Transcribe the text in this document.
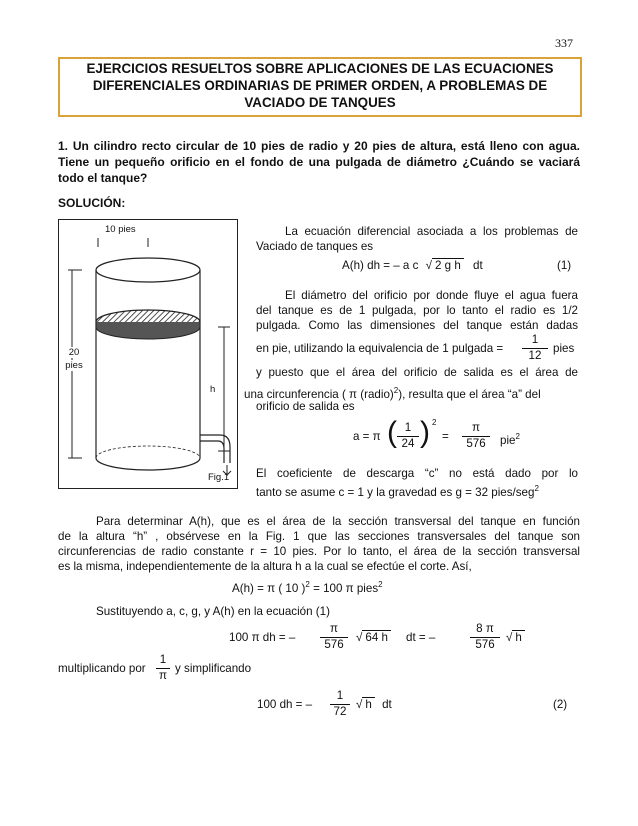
337
EJERCICIOS RESUELTOS SOBRE APLICACIONES DE LAS ECUACIONES
DIFERENCIALES ORDINARIAS DE PRIMER ORDEN, A PROBLEMAS DE
VACIADO DE TANQUES
1. Un cilindro recto circular de 10 pies de radio y 20 pies de altura, está lleno con agua.
Tiene un pequeño orificio en el fondo de una pulgada de diámetro ¿Cuándo se vaciará
todo el tanque?
SOLUCIÓN:
10 pies
20
pies
h
Fig.1
La ecuación diferencial asociada a los problemas de
Vaciado de tanques es
A(h) dh = – a c √ 2 g h dt	(1)
El diámetro del orificio por donde fluye el agua fuera
del tanque es de 1 pulgada, por lo tanto el radio es 1/2
pulgada. Como las dimensiones del tanque están dadas
en pie, utilizando la equivalencia de 1 pulgada = $\frac{1}{12}$ pies
y puesto que el área del orificio de salida es el área de
una circunferencia ( π (radio)$^2$), resulta que el área “a” del
orificio de salida es
a = π ( $\frac{1}{24}$ ) 2
= $\frac{\pi}{576} pie^2$
El coeficiente de descarga “c” no está dado por lo
tanto se asume c = 1 y la gravedad es g = 32 pies/seg$^2$
Para determinar A(h), que es el área de la sección transversal del tanque en función
de la altura “h” , obsérvese en la Fig. 1 que las secciones transversales del tanque son
circunferencias de radio constante r = 10 pies. Por lo tanto, el área de la sección transversal
es la misma, independientemente de la altura h a la cual se efectúe el corte. Así,
A(h) = π ( 10 )$^2$ = 100 π pies$^2$
Sustituyendo a, c, g, y A(h) en la ecuación (1)
100 π dh = – $\frac{\pi}{576}$ √ 64 h dt = –	$\frac{8 \pi}{576}$ √ h
multiplicando por $\frac{1}{\pi}$ y simplificando
100 dh = – $\frac{1}{72}$ √ h dt	(2)
